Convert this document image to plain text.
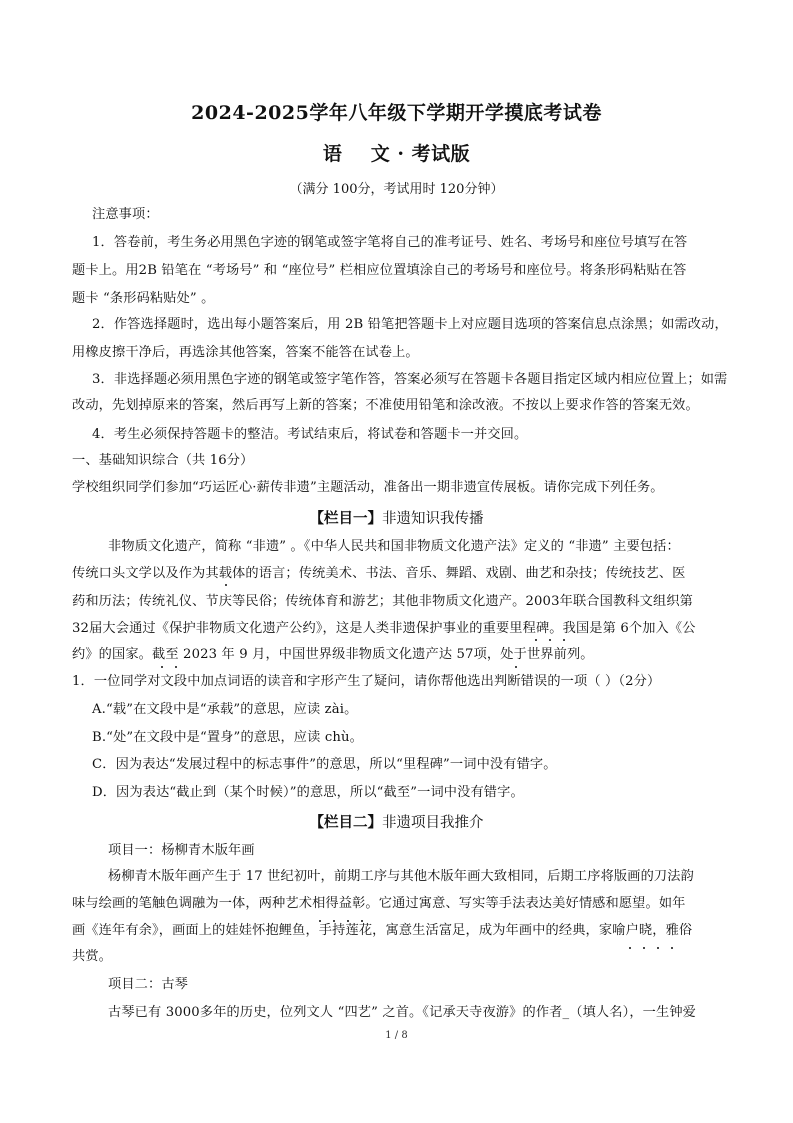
2024-2025学年八年级下学期开学摸底考试卷
语    文 · 考试版
（满分 100分，考试用时 120分钟）
注意事项：
1．答卷前，考生务必用黑色字迹的钢笔或签字笔将自己的准考证号、姓名、考场号和座位号填写在答
题卡上。用2B 铅笔在 “考场号” 和 “座位号” 栏相应位置填涂自己的考场号和座位号。将条形码粘贴在答
题卡 “条形码粘贴处” 。
2．作答选择题时，选出每小题答案后，用 2B 铅笔把答题卡上对应题目选项的答案信息点涂黑；如需改动，
用橡皮擦干净后，再选涂其他答案，答案不能答在试卷上。
3．非选择题必须用黑色字迹的钢笔或签字笔作答，答案必须写在答题卡各题目指定区域内相应位置上；如需
改动，先划掉原来的答案，然后再写上新的答案；不准使用铅笔和涂改液。不按以上要求作答的答案无效。
4．考生必须保持答题卡的整洁。考试结束后，将试卷和答题卡一并交回。
一、基础知识综合（共 16分）
学校组织同学们参加“巧运匠心·薪传非遗”主题活动，准备出一期非遗宣传展板。请你完成下列任务。
【栏目一】非遗知识我传播
非物质文化遗产，简称 “非遗” 。《中华人民共和国非物质文化遗产法》定义的 “非遗” 主要包括：
传统口头文学以及作为其载体的语言；传统美术、书法、音乐、舞蹈、戏剧、曲艺和杂技；传统技艺、医
药和历法；传统礼仪、节庆等民俗；传统体育和游艺；其他非物质文化遗产。2003年联合国教科文组织第
32届大会通过《保护非物质文化遗产公约》，这是人类非遗保护事业的重要里程碑。我国是第 6个加入《公
约》的国家。截至 2023 年 9 月，中国世界级非物质文化遗产达 57项，处于世界前列。
1．一位同学对文段中加点词语的读音和字形产生了疑问，请你帮他选出判断错误的一项（ ）（2分）
A.“载”在文段中是“承载”的意思，应读 zài。
B.“处”在文段中是“置身”的意思，应读 chù。
C．因为表达“发展过程中的标志事件”的意思，所以“里程碑”一词中没有错字。
D．因为表达“截止到（某个时候）”的意思，所以“截至”一词中没有错字。
【栏目二】非遗项目我推介
项目一：杨柳青木版年画
杨柳青木版年画产生于 17 世纪初叶，前期工序与其他木版年画大致相同，后期工序将版画的刀法韵
味与绘画的笔触色调融为一体，两种艺术相得益彰。它通过寓意、写实等手法表达美好情感和愿望。如年
画《连年有余》，画面上的娃娃怀抱鲤鱼，手持莲花，寓意生活富足，成为年画中的经典，家喻户晓，雅俗
共赏。
项目二：古琴
古琴已有 3000多年的历史，位列文人 “四艺” 之首。《记承天寺夜游》的作者_（填人名），一生钟爱
1 / 8
